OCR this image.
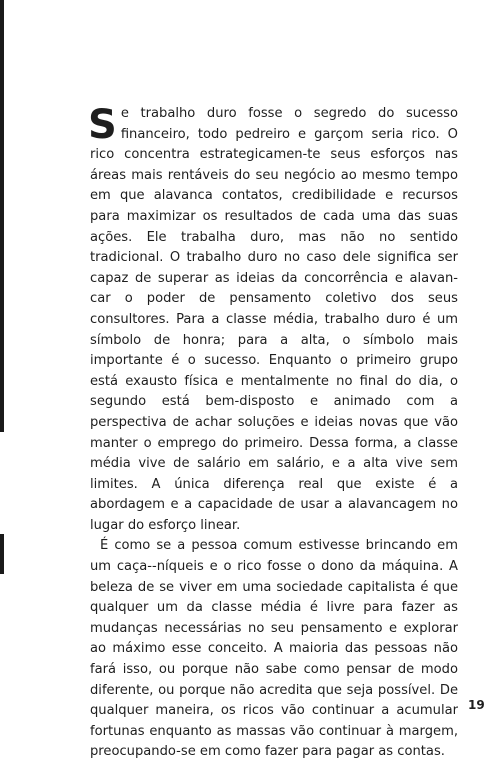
Se trabalho duro fosse o segredo do sucesso financeiro, todo pedreiro e garçom seria rico. O rico concentra estrategicamen-te seus esforços nas áreas mais rentáveis do seu negócio ao mesmo tempo em que alavanca contatos, credibilidade e recursos para maximizar os resultados de cada uma das suas ações. Ele trabalha duro, mas não no sentido tradicional. O trabalho duro no caso dele significa ser capaz de superar as ideias da concorrência e alavan-car o poder de pensamento coletivo dos seus consultores. Para a classe média, trabalho duro é um símbolo de honra; para a alta, o símbolo mais importante é o sucesso. Enquanto o primeiro grupo está exausto física e mentalmente no final do dia, o segundo está bem-disposto e animado com a perspectiva de achar soluções e ideias novas que vão manter o emprego do primeiro. Dessa forma, a classe média vive de salário em salário, e a alta vive sem limites. A única diferença real que existe é a abordagem e a capacidade de usar a alavancagem no lugar do esforço linear.

É como se a pessoa comum estivesse brincando em um caça--níqueis e o rico fosse o dono da máquina. A beleza de se viver em uma sociedade capitalista é que qualquer um da classe média é livre para fazer as mudanças necessárias no seu pensamento e explorar ao máximo esse conceito. A maioria das pessoas não fará isso, ou porque não sabe como pensar de modo diferente, ou porque não acredita que seja possível. De qualquer maneira, os ricos vão continuar a acumular fortunas enquanto as massas vão continuar à margem, preocupando-se em como fazer para pagar as contas.

19
